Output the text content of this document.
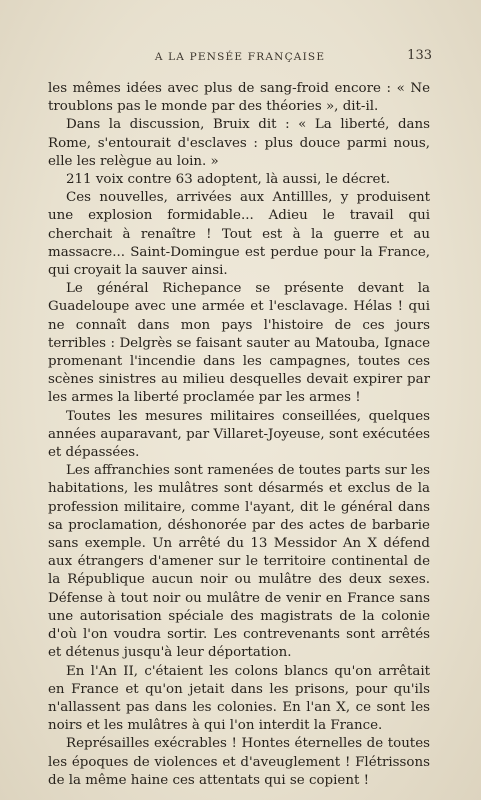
A LA PENSÉE FRANÇAISE	133

les mêmes idées avec plus de sang-froid encore : « Ne troublons pas le monde par des théories », dit-il.

Dans la discussion, Bruix dit : « La liberté, dans Rome, s'entourait d'esclaves : plus douce parmi nous, elle les relègue au loin. »

211 voix contre 63 adoptent, là aussi, le décret.

Ces nouvelles, arrivées aux Antillles, y produisent une explosion formidable... Adieu le travail qui cherchait à renaître ! Tout est à la guerre et au massacre... Saint-Domingue est perdue pour la France, qui croyait la sauver ainsi.

Le général Richepance se présente devant la Guadeloupe avec une armée et l'esclavage. Hélas ! qui ne connaît dans mon pays l'histoire de ces jours terribles : Delgrès se faisant sauter au Matouba, Ignace promenant l'incendie dans les campagnes, toutes ces scènes sinistres au milieu desquelles devait expirer par les armes la liberté proclamée par les armes !

Toutes les mesures militaires conseillées, quelques années auparavant, par Villaret-Joyeuse, sont exécutées et dépassées.

Les affranchies sont ramenées de toutes parts sur les habitations, les mulâtres sont désarmés et exclus de la profession militaire, comme l'ayant, dit le général dans sa proclamation, déshonorée par des actes de barbarie sans exemple. Un arrêté du 13 Messidor An X défend aux étrangers d'amener sur le territoire continental de la République aucun noir ou mulâtre des deux sexes. Défense à tout noir ou mulâtre de venir en France sans une autorisation spéciale des magistrats de la colonie d'où l'on voudra sortir. Les contrevenants sont arrêtés et détenus jusqu'à leur déportation.

En l'An II, c'étaient les colons blancs qu'on arrêtait en France et qu'on jetait dans les prisons, pour qu'ils n'allassent pas dans les colonies. En l'an X, ce sont les noirs et les mulâtres à qui l'on interdit la France.

Représailles exécrables ! Hontes éternelles de toutes les époques de violences et d'aveuglement ! Flétrissons de la même haine ces attentats qui se copient !
